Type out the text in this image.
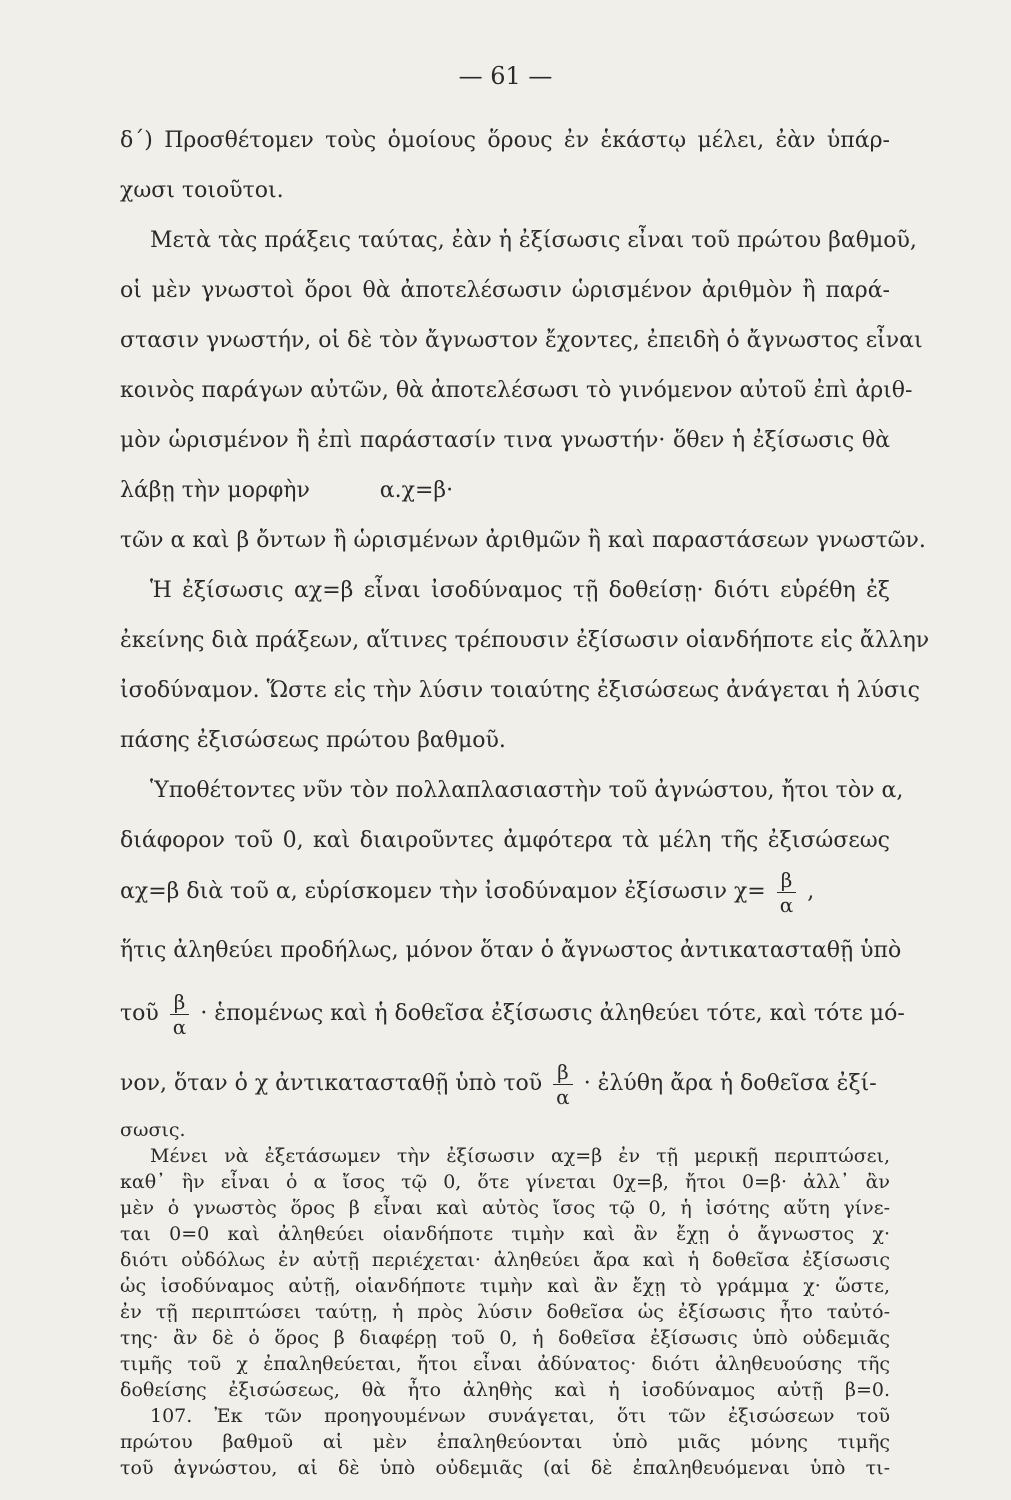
— 61 —
δ΄) Προσθέτομεν τοὺς ὁμοίους ὅρους ἐν ἑκάστῳ μέλει, ἐὰν ὑπάρ-
χωσι τοιοῦτοι.
Μετὰ τὰς πράξεις ταύτας, ἐὰν ἡ ἐξίσωσις εἶναι τοῦ πρώτου βαθμοῦ,
οἱ μὲν γνωστοὶ ὅροι θὰ ἀποτελέσωσιν ὡρισμένον ἀριθμὸν ἢ παρά-
στασιν γνωστήν, οἱ δὲ τὸν ἄγνωστον ἔχοντες, ἐπειδὴ ὁ ἄγνωστος εἶναι
κοινὸς παράγων αὐτῶν, θὰ ἀποτελέσωσι τὸ γινόμενον αὐτοῦ ἐπὶ ἀριθ-
μὸν ὡρισμένον ἢ ἐπὶ παράστασίν τινα γνωστήν· ὅθεν ἡ ἐξίσωσις θὰ
λάβῃ τὴν μορφὴν          α.χ=β·
τῶν α καὶ β ὄντων ἢ ὡρισμένων ἀριθμῶν ἢ καὶ παραστάσεων γνωστῶν.
Ἡ ἐξίσωσις αχ=β εἶναι ἰσοδύναμος τῇ δοθείσῃ· διότι εὑρέθη ἐξ
ἐκείνης διὰ πράξεων, αἵτινες τρέπουσιν ἐξίσωσιν οἱανδήποτε εἰς ἄλλην
ἰσοδύναμον. Ὥστε εἰς τὴν λύσιν τοιαύτης ἐξισώσεως ἀνάγεται ἡ λύσις
πάσης ἐξισώσεως πρώτου βαθμοῦ.
Ὑποθέτοντες νῦν τὸν πολλαπλασιαστὴν τοῦ ἀγνώστου, ἤτοι τὸν α,
διάφορον τοῦ 0, καὶ διαιροῦντες ἀμφότερα τὰ μέλη τῆς ἐξισώσεως
αχ=β διὰ τοῦ α, εὑρίσκομεν τὴν ἰσοδύναμον ἐξίσωσιν $\chi= \frac{\beta}{\alpha}$ ,
ἥτις ἀληθεύει προδήλως, μόνον ὅταν ὁ ἄγνωστος ἀντικατασταθῇ ὑπὸ
τοῦ $\frac{\beta}{\alpha}$ · ἑπομένως καὶ ἡ δοθεῖσα ἐξίσωσις ἀληθεύει τότε, καὶ τότε μό-
νον, ὅταν ὁ χ ἀντικατασταθῇ ὑπὸ τοῦ $\frac{\beta}{\alpha}$ · ἐλύθη ἄρα ἡ δοθεῖσα ἐξί-
σωσις.
Μένει νὰ ἐξετάσωμεν τὴν ἐξίσωσιν αχ=β ἐν τῇ μερικῇ περιπτώσει,
καθ᾽ ἣν εἶναι ὁ α ἴσος τῷ 0, ὅτε γίνεται 0χ=β, ἤτοι 0=β· ἀλλ᾽ ἂν
μὲν ὁ γνωστὸς ὅρος β εἶναι καὶ αὐτὸς ἴσος τῷ 0, ἡ ἰσότης αὕτη γίνε-
ται 0=0 καὶ ἀληθεύει οἱανδήποτε τιμὴν καὶ ἂν ἔχῃ ὁ ἄγνωστος χ·
διότι οὐδόλως ἐν αὐτῇ περιέχεται· ἀληθεύει ἄρα καὶ ἡ δοθεῖσα ἐξίσωσις
ὡς ἰσοδύναμος αὐτῇ, οἱανδήποτε τιμὴν καὶ ἂν ἔχῃ τὸ γράμμα χ· ὥστε,
ἐν τῇ περιπτώσει ταύτῃ, ἡ πρὸς λύσιν δοθεῖσα ὡς ἐξίσωσις ἦτο ταὐτό-
της· ἂν δὲ ὁ ὅρος β διαφέρῃ τοῦ 0, ἡ δοθεῖσα ἐξίσωσις ὑπὸ οὐδεμιᾶς
τιμῆς τοῦ χ ἐπαληθεύεται, ἤτοι εἶναι ἀδύνατος· διότι ἀληθευούσης τῆς
δοθείσης ἐξισώσεως, θὰ ἦτο ἀληθὴς καὶ ἡ ἰσοδύναμος αὐτῇ β=0.
107. Ἐκ τῶν προηγουμένων συνάγεται, ὅτι τῶν ἐξισώσεων τοῦ
πρώτου βαθμοῦ αἱ μὲν ἐπαληθεύονται ὑπὸ μιᾶς μόνης τιμῆς
τοῦ ἀγνώστου, αἱ δὲ ὑπὸ οὐδεμιᾶς (αἱ δὲ ἐπαληθευόμεναι ὑπὸ τι-
